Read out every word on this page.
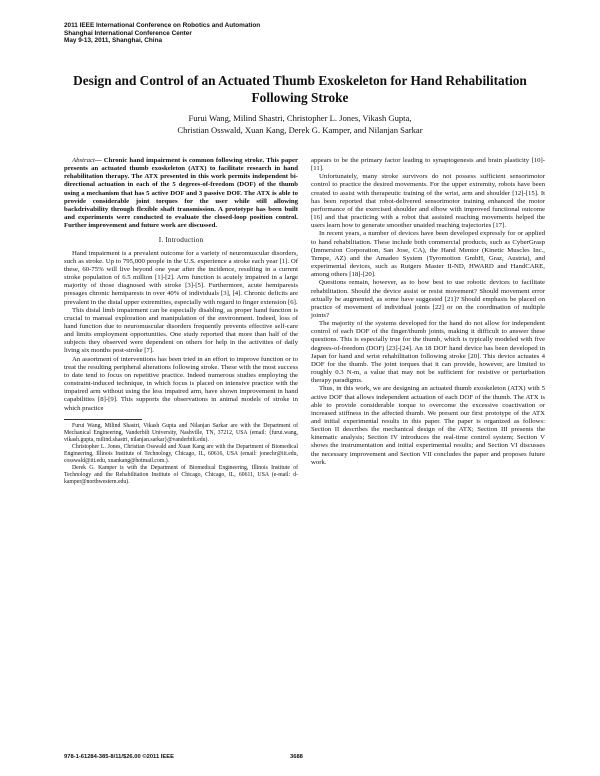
2011 IEEE International Conference on Robotics and Automation
Shanghai International Conference Center
May 9-13, 2011, Shanghai, China
Design and Control of an Actuated Thumb Exoskeleton for Hand Rehabilitation Following Stroke
Furui Wang, Milind Shastri, Christopher L. Jones, Vikash Gupta,
Christian Osswald, Xuan Kang, Derek G. Kamper, and Nilanjan Sarkar

Abstract— Chronic hand impairment is common following stroke. This paper presents an actuated thumb exoskeleton (ATX) to facilitate research in hand rehabilitation therapy. The ATX presented in this work permits independent bi-directional actuation in each of the 5 degrees-of-freedom (DOF) of the thumb using a mechanism that has 5 active DOF and 3 passive DOF. The ATX is able to provide considerable joint torques for the user while still allowing backdrivability through flexible shaft transmission. A prototype has been built and experiments were conducted to evaluate the closed-loop position control. Further improvement and future work are discussed.

I. Introduction

Hand impairment is a prevalent outcome for a variety of neuromuscular disorders, such as stroke. Up to 795,000 people in the U.S. experience a stroke each year [1]. Of these, 60-75% will live beyond one year after the incidence, resulting in a current stroke population of 6.5 million [1]-[2]. Arm function is acutely impaired in a large majority of those diagnosed with stroke [3]-[5]. Furthermore, acute hemiparesis presages chronic hemiparesis in over 40% of individuals [3], [4]. Chronic deficits are prevalent in the distal upper extremities, especially with regard to finger extension [6].

This distal limb impairment can be especially disabling, as proper hand function is crucial to manual exploration and manipulation of the environment. Indeed, loss of hand function due to neuromuscular disorders frequently prevents effective self-care and limits employment opportunities. One study reported that more than half of the subjects they observed were dependent on others for help in the activities of daily living six months post-stroke [7].

An assortment of interventions has been tried in an effort to improve function or to treat the resulting peripheral alterations following stroke. These with the most success to date tend to focus on repetitive practice. Indeed numerous studies employing the constraint-induced technique, in which focus is placed on intensive practice with the impaired arm without using the less impaired arm, have shown improvement in hand capabilities [8]-[9]. This supports the observations in animal models of stroke in which practice

Furui Wang, Milind Shastri, Vikash Gupta and Nilanjan Sarkar are with the Department of Mechanical Engineering, Vanderbilt University, Nashville, TN, 37212, USA (email: {furui.wang, vikash.gupta, milind.shastri, nilanjan.sarkar}@vanderbilt.edu).

Christopher L. Jones, Christian Osswald and Xuan Kang are with the Department of Biomedical Engineering, Illinois Institute of Technology, Chicago, IL, 60616, USA (email: jonechr@iit.edu, cosswald@iit.edu, xuankang@hotmail.com.).

Derek G. Kamper is with the Department of Biomedical Engineering, Illinois Institute of Technology and the Rehabilitation Institute of Chicago, Chicago, IL, 60611, USA (e-mail: d-kamper@northwestern.edu).

appears to be the primary factor leading to synaptogenesis and brain plasticity [10]-[11].

Unfortunately, many stroke survivors do not possess sufficient sensorimotor control to practice the desired movements. For the upper extremity, robots have been created to assist with therapeutic training of the wrist, arm and shoulder [12]-[15]. It has been reported that robot-delivered sensorimotor training enhanced the motor performance of the exercised shoulder and elbow with improved functional outcome [16] and that practicing with a robot that assisted reaching movements helped the users learn how to generate smoother unaided reaching trajectories [17].

In recent years, a number of devices have been developed expressly for or applied to hand rehabilitation. These include both commercial products, such as CyberGrasp (Immersion Corporation, San Jose, CA), the Hand Mentor (Kinetic Muscles Inc., Tempe, AZ) and the Amadeo System (Tyromotion GmbH, Graz, Austria), and experimental devices, such as Rutgers Master II-ND, HWARD and HandCARE, among others [18]-[20].

Questions remain, however, as to how best to use robotic devices to facilitate rehabilitation. Should the device assist or resist movement? Should movement error actually be augmented, as some have suggested [21]? Should emphasis be placed on practice of movement of individual joints [22] or on the coordination of multiple joints?

The majority of the systems developed for the hand do not allow for independent control of each DOF of the finger/thumb joints, making it difficult to answer these questions. This is especially true for the thumb, which is typically modeled with five degrees-of-freedom (DOF) [23]-[24]. An 18 DOF hand device has been developed in Japan for hand and wrist rehabilitation following stroke [20]. This device actuates 4 DOF for the thumb. The joint torques that it can provide, however, are limited to roughly 0.3 N-m, a value that may not be sufficient for resistive or perturbation therapy paradigms.

Thus, in this work, we are designing an actuated thumb exoskeleton (ATX) with 5 active DOF that allows independent actuation of each DOF of the thumb. The ATX is able to provide considerable torque to overcome the excessive coactivation or increased stiffness in the affected thumb. We present our first prototype of the ATX and initial experimental results in this paper. The paper is organized as follows: Section II describes the mechanical design of the ATX; Section III presents the kinematic analysis; Section IV introduces the real-time control system; Section V shows the instrumentation and initial experimental results; and Section VI discusses the necessary improvement and Section VII concludes the paper and proposes future work.

978-1-61284-385-8/11/$26.00 ©2011 IEEE	3688
